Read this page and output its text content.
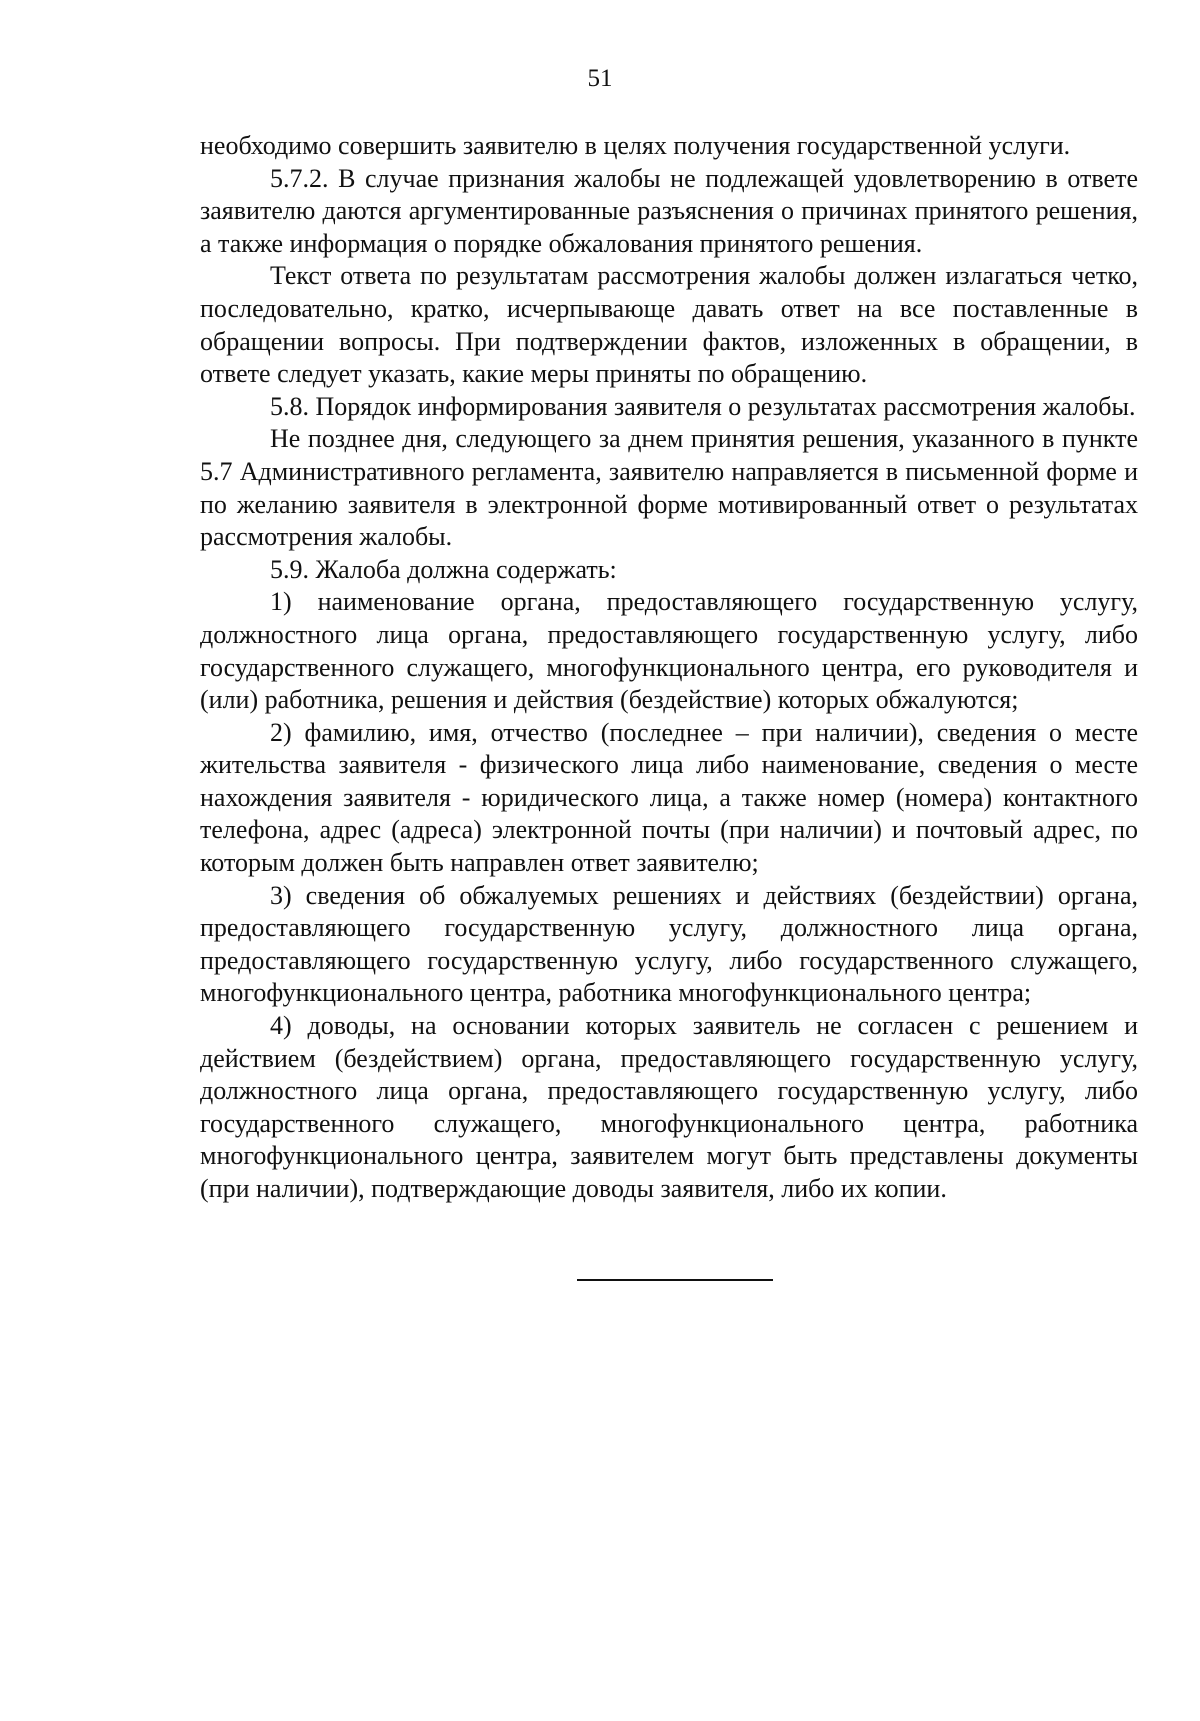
51

необходимо совершить заявителю в целях получения государственной услуги.

5.7.2. В случае признания жалобы не подлежащей удовлетворению в ответе заявителю даются аргументированные разъяснения о причинах принятого решения, а также информация о порядке обжалования принятого решения.

Текст ответа по результатам рассмотрения жалобы должен излагаться четко, последовательно, кратко, исчерпывающе давать ответ на все поставленные в обращении вопросы. При подтверждении фактов, изложенных в обращении, в ответе следует указать, какие меры приняты по обращению.

5.8. Порядок информирования заявителя о результатах рассмотрения жалобы.

Не позднее дня, следующего за днем принятия решения, указанного в пункте 5.7 Административного регламента, заявителю направляется в письменной форме и по желанию заявителя в электронной форме мотивированный ответ о результатах рассмотрения жалобы.

5.9. Жалоба должна содержать:

1) наименование органа, предоставляющего государственную услугу, должностного лица органа, предоставляющего государственную услугу, либо государственного служащего, многофункционального центра, его руководителя и (или) работника, решения и действия (бездействие) которых обжалуются;

2) фамилию, имя, отчество (последнее – при наличии), сведения о месте жительства заявителя - физического лица либо наименование, сведения о месте нахождения заявителя - юридического лица, а также номер (номера) контактного телефона, адрес (адреса) электронной почты (при наличии) и почтовый адрес, по которым должен быть направлен ответ заявителю;

3) сведения об обжалуемых решениях и действиях (бездействии) органа, предоставляющего государственную услугу, должностного лица органа, предоставляющего государственную услугу, либо государственного служащего, многофункционального центра, работника многофункционального центра;

4) доводы, на основании которых заявитель не согласен с решением и действием (бездействием) органа, предоставляющего государственную услугу, должностного лица органа, предоставляющего государственную услугу, либо государственного служащего, многофункционального центра, работника многофункционального центра, заявителем могут быть представлены документы (при наличии), подтверждающие доводы заявителя, либо их копии.
